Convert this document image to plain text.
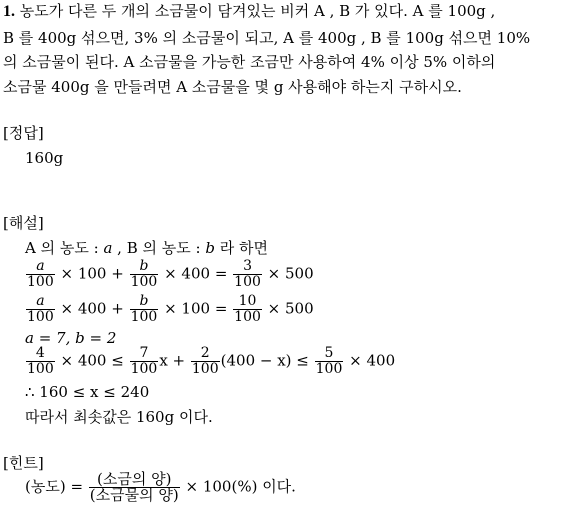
1. 농도가 다른 두 개의 소금물이 담겨있는 비커 A , B 가 있다. A 를 100g ,
B 를 400g 섞으면, 3% 의 소금물이 되고, A 를 400g , B 를 100g 섞으면 10%
의 소금물이 된다. A 소금물을 가능한 조금만 사용하여 4% 이상 5% 이하의
소금물 400g 을 만들려면 A 소금물을 몇 g 사용해야 하는지 구하시오.
[정답]
160g
[해설]
A 의 농도 : a , B 의 농도 : b 라 하면
$\frac{a}{100} \times 100 + \frac{b}{100} \times 400 = \frac{3}{100} \times 500$
$\frac{a}{100} \times 400 + \frac{b}{100} \times 100 = \frac{10}{100} \times 500$
a = 7, b = 2
$\frac{4}{100} \times 400 \le \frac{7}{100}$ $x + \frac{2}{100} (400 - x) \le \frac{5}{100} \times 400$
∴ 160 ≤ x ≤ 240
따라서 최솟값은 160g 이다.
[힌트]
(농도) = $\frac{\text{(소금의 양)}}{\text{(소금물의 양)}} \times 100(\%)$ 이다.
